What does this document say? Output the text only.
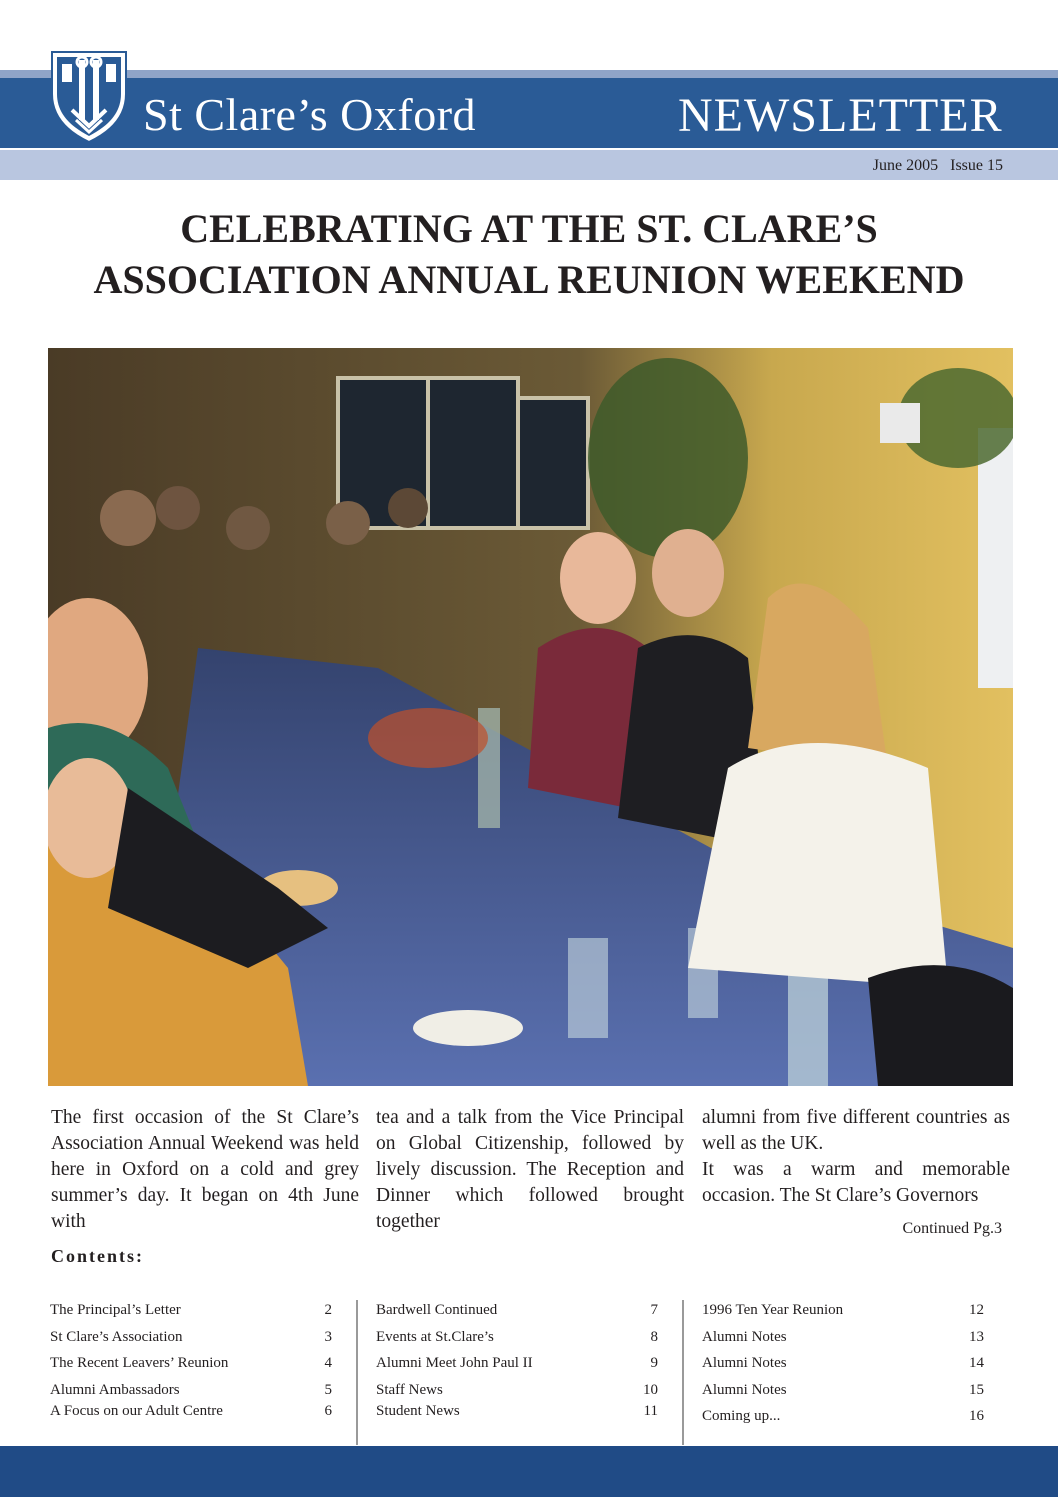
St Clare’s Oxford	NEWSLETTER
June 2005   Issue 15
CELEBRATING AT THE ST. CLARE’S
ASSOCIATION ANNUAL REUNION WEEKEND
The first occasion of the St Clare’s Association Annual Weekend was held here in Oxford on a cold and grey summer’s day. It began on 4th June with
tea and a talk from the Vice Principal on Global Citizenship, followed by lively discussion. The Reception and Dinner which followed brought together
alumni from five different countries as well as the UK.
It was a warm and memorable occasion. The St Clare’s Governors
Continued Pg.3
Contents:
The Principal’s Letter	2
St Clare’s Association	3
The Recent Leavers’ Reunion	4
Alumni Ambassadors	5
A Focus on our Adult Centre	6
Bardwell Continued	7
Events at St.Clare’s	8
Alumni Meet John Paul II	9
Staff News	10
Student News	11
1996 Ten Year Reunion	12
Alumni Notes	13
Alumni Notes	14
Alumni Notes	15
Coming up...	16
